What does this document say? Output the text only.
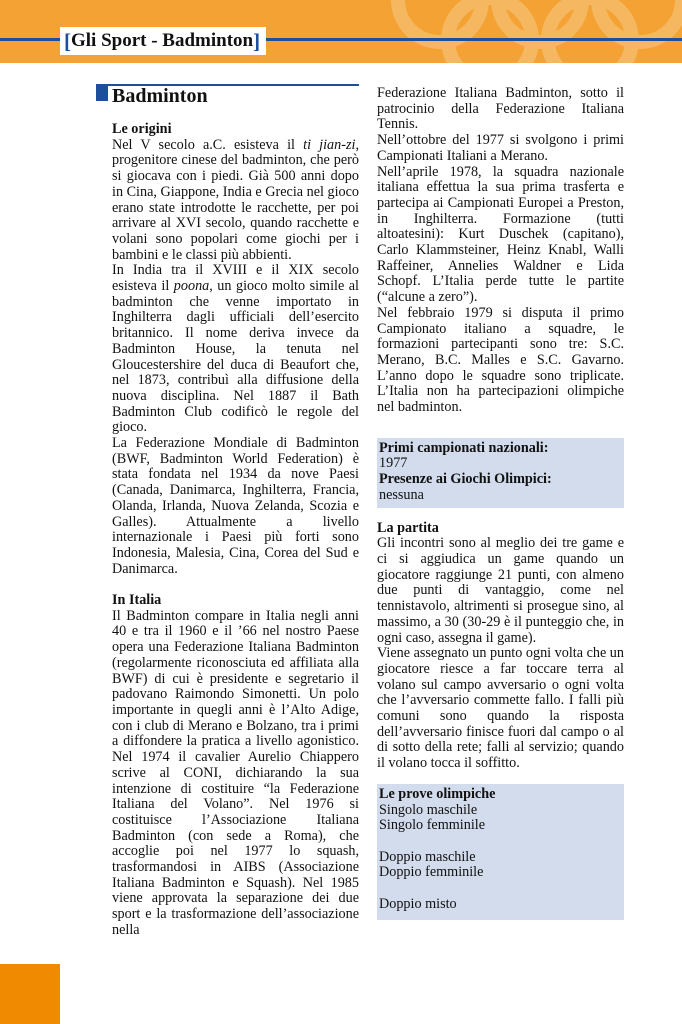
[ Gli Sport - Badminton ]
Badminton
Le origini

Nel V secolo a.C. esisteva il ti jian-zi, progenitore cinese del badminton, che però si giocava con i piedi. Già 500 anni dopo in Cina, Giappone, India e Grecia nel gioco erano state introdotte le racchette, per poi arrivare al XVI secolo, quando racchette e volani sono popolari come giochi per i bambini e le classi più abbienti.

In India tra il XVIII e il XIX secolo esisteva il poona, un gioco molto simile al badminton che venne importato in Inghilterra dagli ufficiali dell’esercito britannico. Il nome deriva invece da Badminton House, la tenuta nel Gloucestershire del duca di Beaufort che, nel 1873, contribuì alla diffusione della nuova disciplina. Nel 1887 il Bath Badminton Club codificò le regole del gioco.

La Federazione Mondiale di Badminton (BWF, Badminton World Federation) è stata fondata nel 1934 da nove Paesi (Canada, Danimarca, Inghilterra, Francia, Olanda, Irlanda, Nuova Zelanda, Scozia e Galles). Attualmente a livello internazionale i Paesi più forti sono Indonesia, Malesia, Cina, Corea del Sud e Danimarca.

In Italia

Il Badminton compare in Italia negli anni 40 e tra il 1960 e il ’66 nel nostro Paese opera una Federazione Italiana Badminton (regolarmente riconosciuta ed affiliata alla BWF) di cui è presidente e segretario il padovano Raimondo Simonetti. Un polo importante in quegli anni è l’Alto Adige, con i club di Merano e Bolzano, tra i primi a diffondere la pratica a livello agonistico. Nel 1974 il cavalier Aurelio Chiappero scrive al CONI, dichiarando la sua intenzione di costituire “la Federazione Italiana del Volano”. Nel 1976 si costituisce l’Associazione Italiana Badminton (con sede a Roma), che accoglie poi nel 1977 lo squash, trasformandosi in AIBS (Associazione Italiana Badminton e Squash). Nel 1985 viene approvata la separazione dei due sport e la trasformazione dell’associazione nella

Federazione Italiana Badminton, sotto il patrocinio della Federazione Italiana Tennis.

Nell’ottobre del 1977 si svolgono i primi Campionati Italiani a Merano.

Nell’aprile 1978, la squadra nazionale italiana effettua la sua prima trasferta e partecipa ai Campionati Europei a Preston, in Inghilterra. Formazione (tutti altoatesini): Kurt Duschek (capitano), Carlo Klammsteiner, Heinz Knabl, Walli Raffeiner, Annelies Waldner e Lida Schopf. L’Italia perde tutte le partite (“alcune a zero”).

Nel febbraio 1979 si disputa il primo Campionato italiano a squadre, le formazioni partecipanti sono tre: S.C. Merano, B.C. Malles e S.C. Gavarno. L’anno dopo le squadre sono triplicate. L’Italia non ha partecipazioni olimpiche nel badminton.

Primi campionati nazionali:
1977
Presenze ai Giochi Olimpici:
nessuna
La partita

Gli incontri sono al meglio dei tre game e ci si aggiudica un game quando un giocatore raggiunge 21 punti, con almeno due punti di vantaggio, come nel tennistavolo, altrimenti si prosegue sino, al massimo, a 30 (30-29 è il punteggio che, in ogni caso, assegna il game).

Viene assegnato un punto ogni volta che un giocatore riesce a far toccare terra al volano sul campo avversario o ogni volta che l’avversario commette fallo. I falli più comuni sono quando la risposta dell’avversario finisce fuori dal campo o al di sotto della rete; falli al servizio; quando il volano tocca il soffitto.

Le prove olimpiche
Singolo maschile
Singolo femminile
Doppio maschile
Doppio femminile
Doppio misto
